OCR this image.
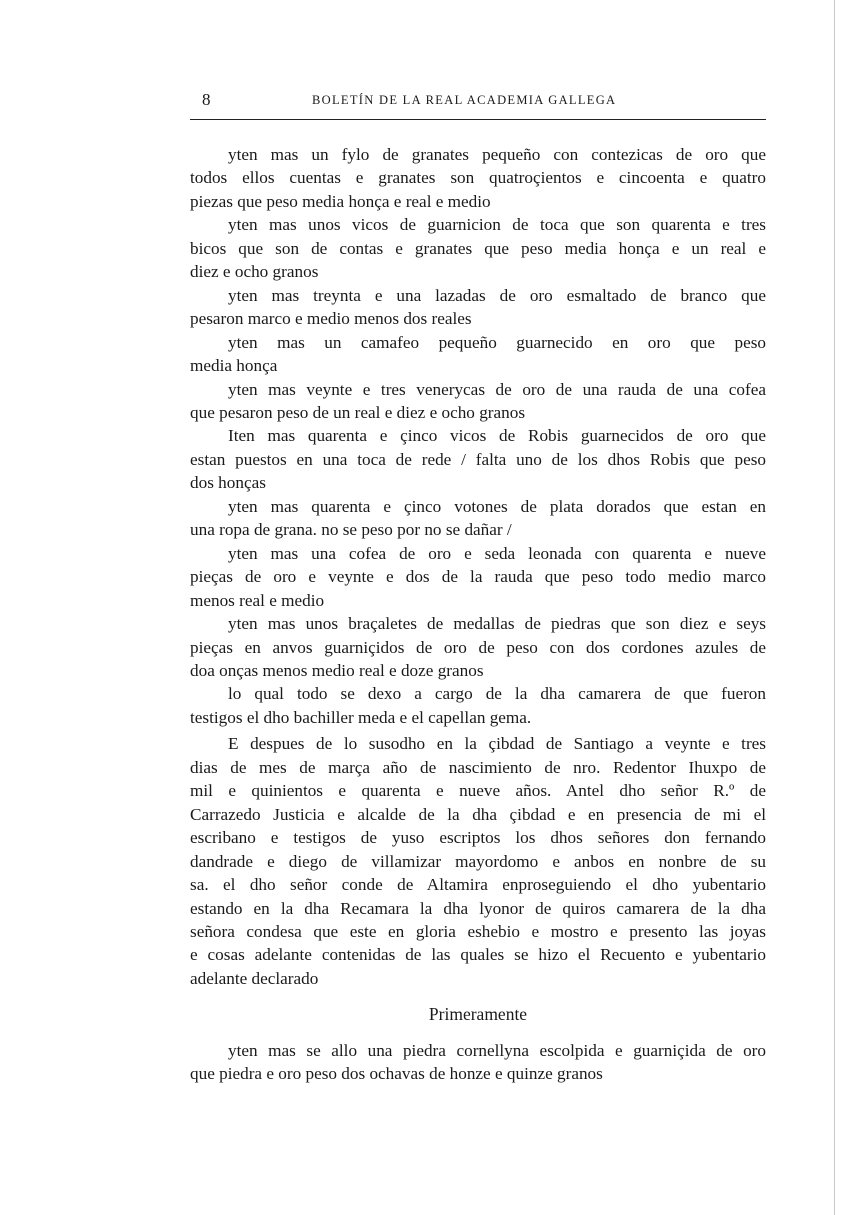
8	BOLETÍN DE LA REAL ACADEMIA GALLEGA
yten mas un fylo de granates pequeño con contezicas de oro que
todos ellos cuentas e granates son quatroçientos e cincoenta e quatro
piezas que peso media honça e real e medio
yten mas unos vicos de guarnicion de toca que son quarenta e tres
bicos que son de contas e granates que peso media honça e un real e
diez e ocho granos
yten mas treynta e una lazadas de oro esmaltado de branco que
pesaron marco e medio menos dos reales
yten mas un camafeo pequeño guarnecido en oro que peso
media honça
yten mas veynte e tres venerycas de oro de una rauda de una cofea
que pesaron peso de un real e diez e ocho granos
Iten mas quarenta e çinco vicos de Robis guarnecidos de oro que
estan puestos en una toca de rede / falta uno de los dhos Robis que peso
dos honças
yten mas quarenta e çinco votones de plata dorados que estan en
una ropa de grana. no se peso por no se dañar /
yten mas una cofea de oro e seda leonada con quarenta e nueve
pieças de oro e veynte e dos de la rauda que peso todo medio marco
menos real e medio
yten mas unos braçaletes de medallas de piedras que son diez e seys
pieças en anvos guarniçidos de oro de peso con dos cordones azules de
doa onças menos medio real e doze granos
lo qual todo se dexo a cargo de la dha camarera de que fueron
testigos el dho bachiller meda e el capellan gema.
E despues de lo susodho en la çibdad de Santiago a veynte e tres
dias de mes de marça año de nascimiento de nro. Redentor Ihuxpo de
mil e quinientos e quarenta e nueve años. Antel dho señor R.º de
Carrazedo Justicia e alcalde de la dha çibdad e en presencia de mi el
escribano e testigos de yuso escriptos los dhos señores don fernando
dandrade e diego de villamizar mayordomo e anbos en nonbre de su
sa. el dho señor conde de Altamira enproseguiendo el dho yubentario
estando en la dha Recamara la dha lyonor de quiros camarera de la dha
señora condesa que este en gloria eshebio e mostro e presento las joyas
e cosas adelante contenidas de las quales se hizo el Recuento e yubentario
adelante declarado
Primeramente
yten mas se allo una piedra cornellyna escolpida e guarniçida de oro
que piedra e oro peso dos ochavas de honze e quinze granos
